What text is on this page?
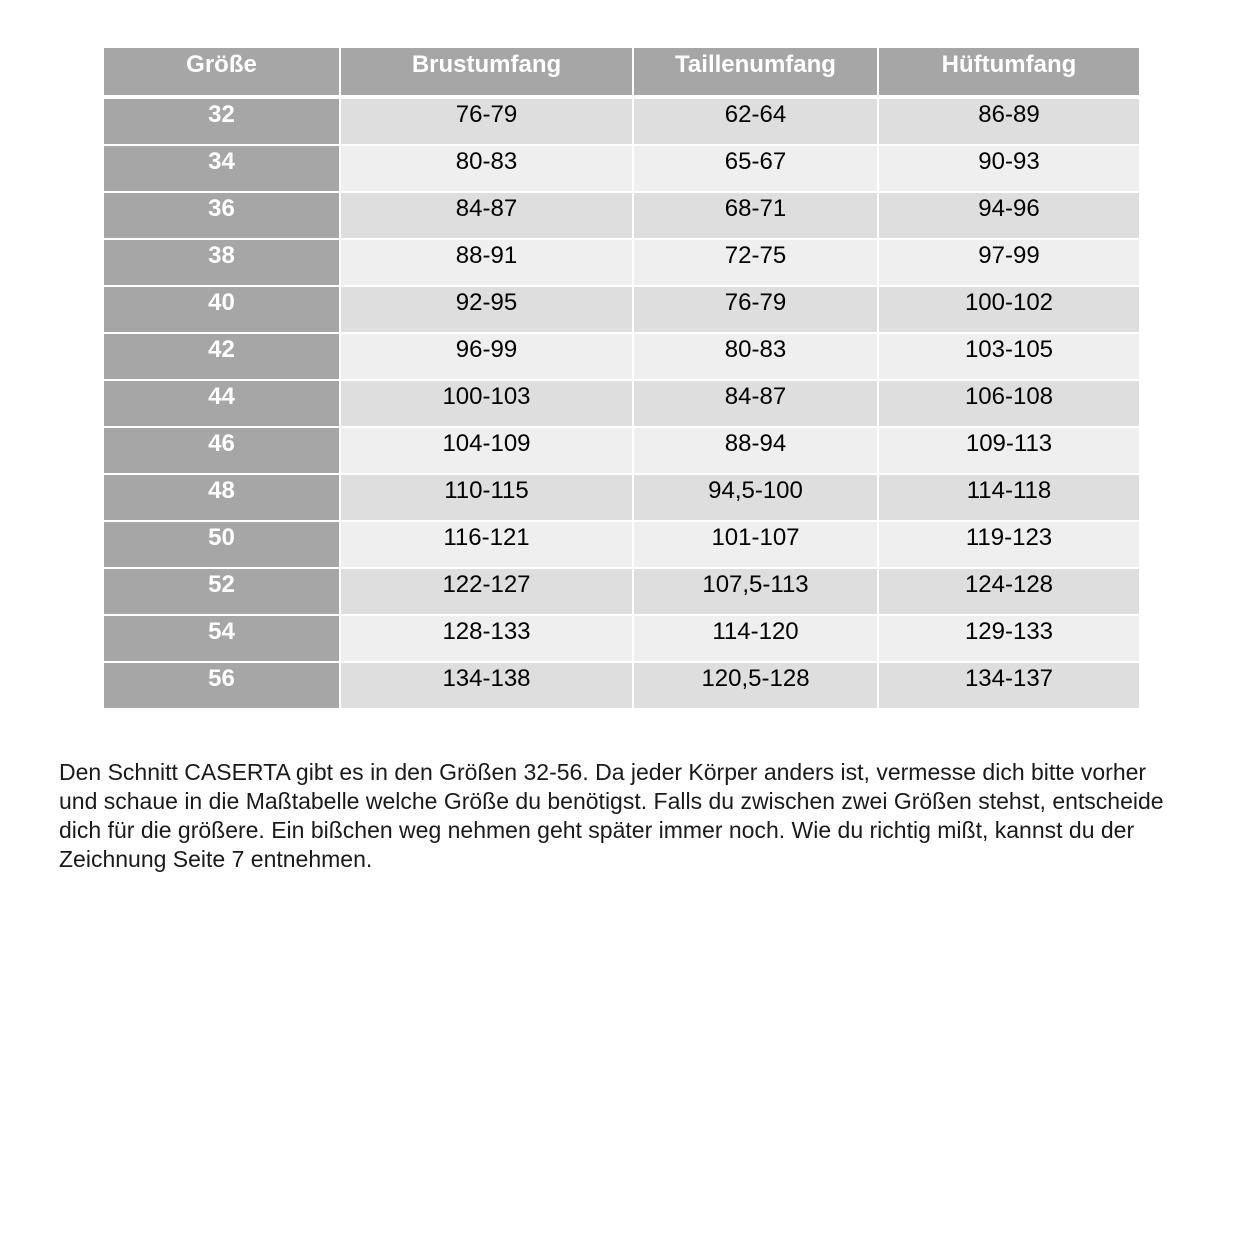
Größe	Brustumfang	Taillenumfang	Hüftumfang
32	76-79	62-64	86-89
34	80-83	65-67	90-93
36	84-87	68-71	94-96
38	88-91	72-75	97-99
40	92-95	76-79	100-102
42	96-99	80-83	103-105
44	100-103	84-87	106-108
46	104-109	88-94	109-113
48	110-115	94,5-100	114-118
50	116-121	101-107	119-123
52	122-127	107,5-113	124-128
54	128-133	114-120	129-133
56	134-138	120,5-128	134-137

Den Schnitt CASERTA gibt es in den Größen 32-56. Da jeder Körper anders ist, vermesse dich bitte vorher und schaue in die Maßtabelle welche Größe du benötigst. Falls du zwischen zwei Größen stehst, entscheide dich für die größere. Ein bißchen weg nehmen geht später immer noch. Wie du richtig mißt, kannst du der Zeichnung Seite 7 entnehmen.
